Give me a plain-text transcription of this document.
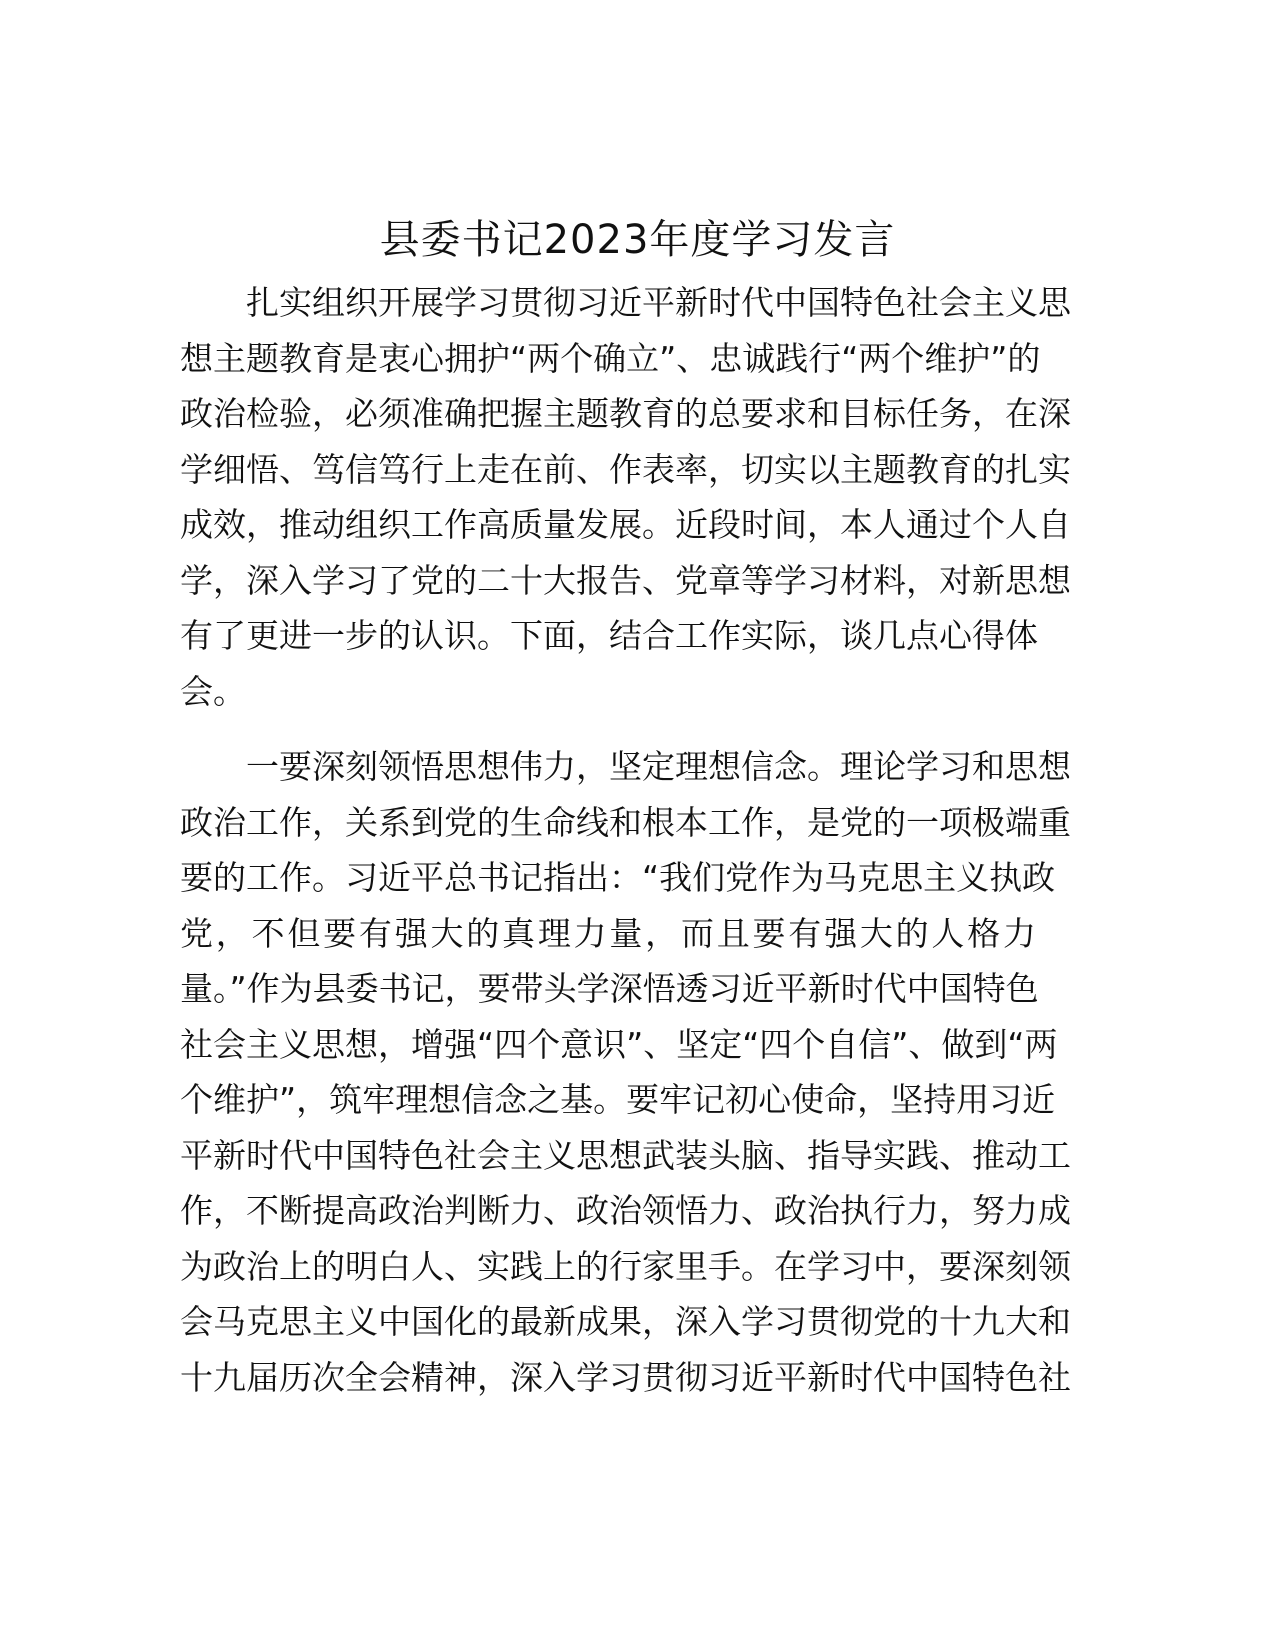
县委书记2023年度学习发言
扎实组织开展学习贯彻习近平新时代中国特色社会主义思
想主题教育是衷心拥护“两个确立”、忠诚践行“两个维护”的
政治检验，必须准确把握主题教育的总要求和目标任务，在深
学细悟、笃信笃行上走在前、作表率，切实以主题教育的扎实
成效，推动组织工作高质量发展。近段时间，本人通过个人自
学，深入学习了党的二十大报告、党章等学习材料，对新思想
有了更进一步的认识。下面，结合工作实际，谈几点心得体
会。
一要深刻领悟思想伟力，坚定理想信念。理论学习和思想
政治工作，关系到党的生命线和根本工作，是党的一项极端重
要的工作。习近平总书记指出：“我们党作为马克思主义执政
党，不但要有强大的真理力量，而且要有强大的人格力
量。”作为县委书记，要带头学深悟透习近平新时代中国特色
社会主义思想，增强“四个意识”、坚定“四个自信”、做到“两
个维护”，筑牢理想信念之基。要牢记初心使命，坚持用习近
平新时代中国特色社会主义思想武装头脑、指导实践、推动工
作，不断提高政治判断力、政治领悟力、政治执行力，努力成
为政治上的明白人、实践上的行家里手。在学习中，要深刻领
会马克思主义中国化的最新成果，深入学习贯彻党的十九大和
十九届历次全会精神，深入学习贯彻习近平新时代中国特色社
